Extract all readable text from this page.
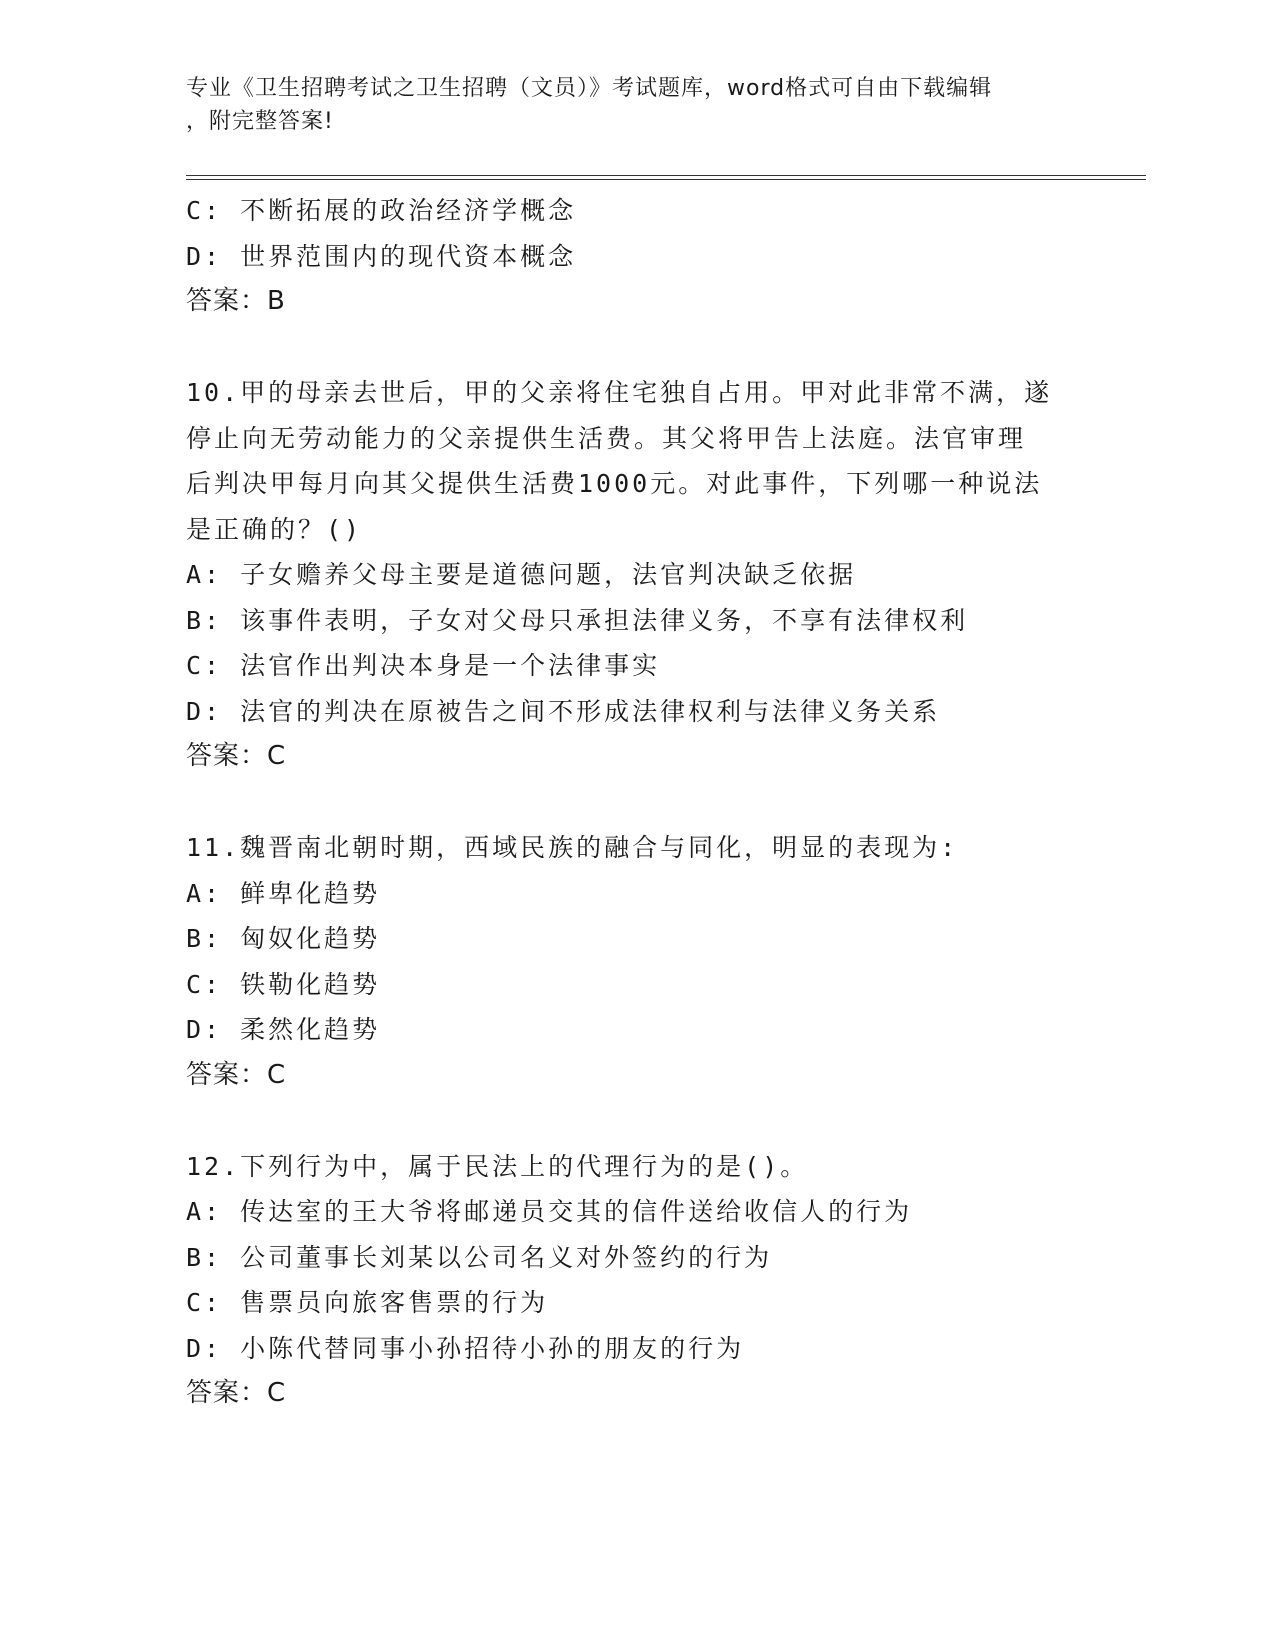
专业《卫生招聘考试之卫生招聘（文员）》考试题库，word格式可自由下载编辑
，附完整答案!
C: 不断拓展的政治经济学概念
D: 世界范围内的现代资本概念
答案：B
10.甲的母亲去世后，甲的父亲将住宅独自占用。甲对此非常不满，遂
停止向无劳动能力的父亲提供生活费。其父将甲告上法庭。法官审理
后判决甲每月向其父提供生活费1000元。对此事件，下列哪一种说法
是正确的？()
A: 子女赡养父母主要是道德问题，法官判决缺乏依据
B: 该事件表明，子女对父母只承担法律义务，不享有法律权利
C: 法官作出判决本身是一个法律事实
D: 法官的判决在原被告之间不形成法律权利与法律义务关系
答案：C
11.魏晋南北朝时期，西域民族的融合与同化，明显的表现为:
A: 鲜卑化趋势
B: 匈奴化趋势
C: 铁勒化趋势
D: 柔然化趋势
答案：C
12.下列行为中，属于民法上的代理行为的是()。
A: 传达室的王大爷将邮递员交其的信件送给收信人的行为
B: 公司董事长刘某以公司名义对外签约的行为
C: 售票员向旅客售票的行为
D: 小陈代替同事小孙招待小孙的朋友的行为
答案：C
